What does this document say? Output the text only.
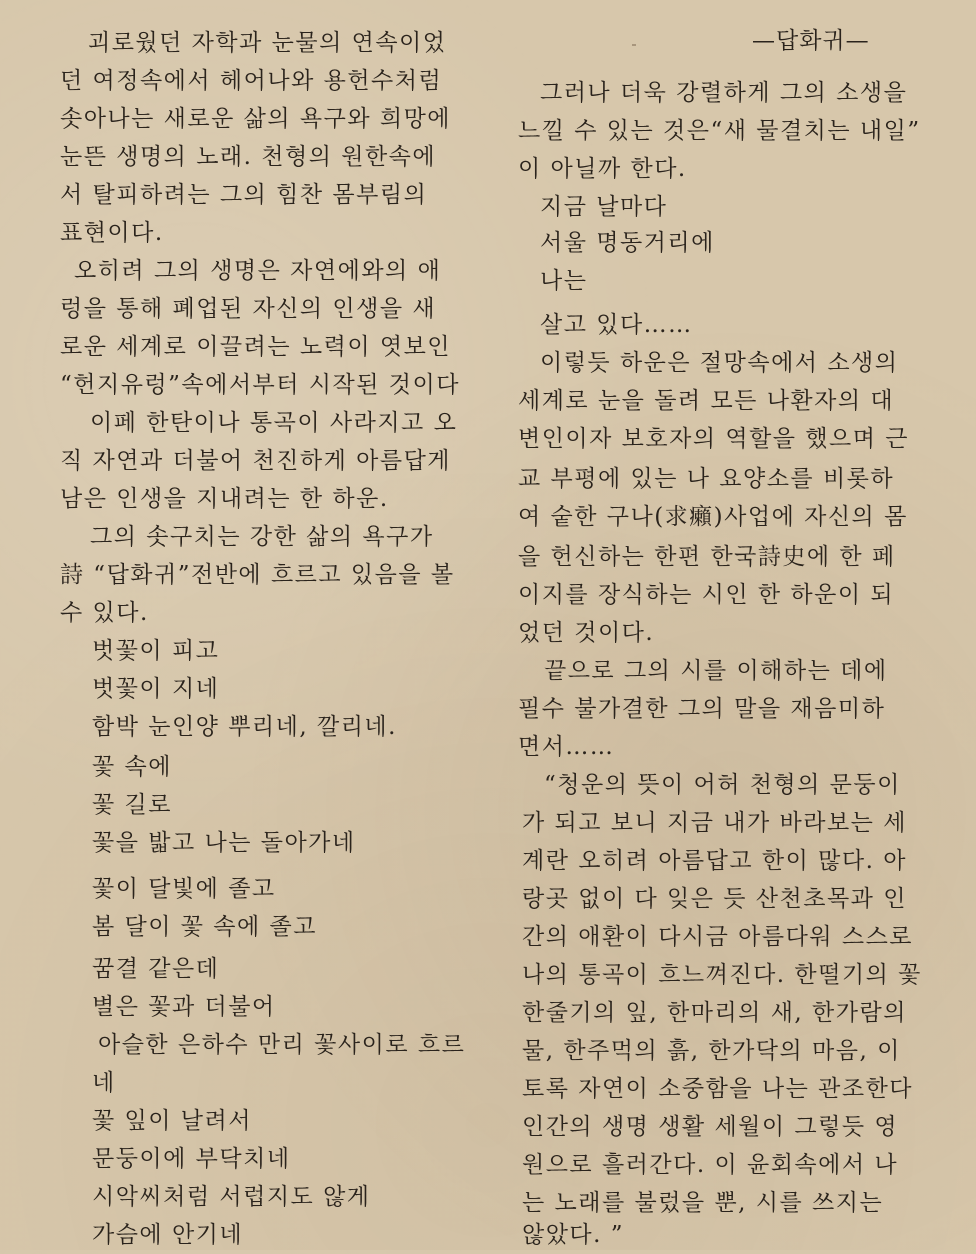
—답화귀—
괴로웠던 자학과 눈물의 연속이었
던 여정속에서 헤어나와 용헌수처럼
솟아나는 새로운 삶의 욕구와 희망에
눈뜬 생명의 노래. 천형의 원한속에
서 탈피하려는 그의 힘찬 몸부림의
표현이다.
오히려 그의 생명은 자연에와의 애
렁을 통해 폐업된 자신의 인생을 새
로운 세계로 이끌려는 노력이 엿보인
“헌지유렁”속에서부터 시작된 것이다
이페 한탄이나 통곡이 사라지고 오
직 자연과 더불어 천진하게 아름답게
남은 인생을 지내려는 한 하운.
그의 솟구치는 강한 삶의 욕구가
詩 “답화귀”전반에 흐르고 있음을 볼
수 있다.
벗꽃이 피고
벗꽃이 지네
함박 눈인양 뿌리네, 깔리네.
꽃 속에
꽃 길로
꽃을 밟고 나는 돌아가네
꽃이 달빛에 졸고
봄 달이 꽃 속에 졸고
꿈결 같은데
별은 꽃과 더불어
아슬한 은하수 만리 꽃사이로 흐르
네
꽃 잎이 날려서
문둥이에 부닥치네
시악씨처럼 서럽지도 않게
가슴에 안기네
그러나 더욱 강렬하게 그의 소생을
느낄 수 있는 것은“새 물결치는 내일”
이 아닐까 한다.
지금 날마다
서울 명동거리에
나는
살고 있다……
이렇듯 하운은 절망속에서 소생의
세계로 눈을 돌려 모든 나환자의 대
변인이자 보호자의 역할을 했으며 근
교 부평에 있는 나 요양소를 비롯하
여 숱한 구나(求癩)사업에 자신의 몸
을 헌신하는 한편 한국詩史에 한 페
이지를 장식하는 시인 한 하운이 되
었던 것이다.
끝으로 그의 시를 이해하는 데에
필수 불가결한 그의 말을 재음미하
면서……
“청운의 뜻이 어허 천형의 문둥이
가 되고 보니 지금 내가 바라보는 세
계란 오히려 아름답고 한이 많다. 아
랑곳 없이 다 잊은 듯 산천초목과 인
간의 애환이 다시금 아름다워 스스로
나의 통곡이 흐느껴진다. 한떨기의 꽃
한줄기의 잎, 한마리의 새, 한가람의
물, 한주먹의 흙, 한가닥의 마음, 이
토록 자연이 소중함을 나는 관조한다
인간의 생명 생활 세월이 그렇듯 영
원으로 흘러간다. 이 윤회속에서 나
는 노래를 불렀을 뿐, 시를 쓰지는
않았다. ”
